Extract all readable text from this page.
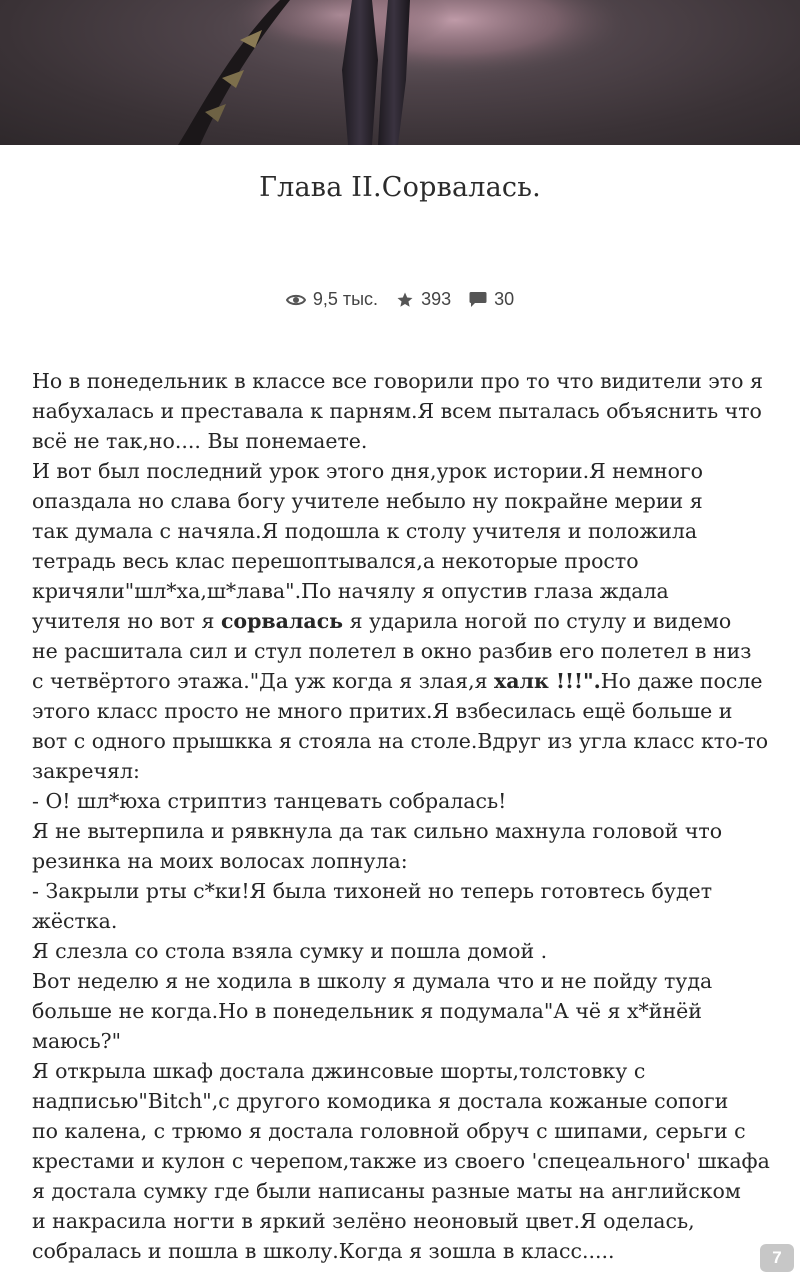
Глава II.Сорвалась.
9,5 тыс. 393 30
Но в понедельник в классе все говорили про то что видители это я
набухалась и преставала к парням.Я всем пыталась объяснить что
всё не так,но.... Вы понемаете.
И вот был последний урок этого дня,урок истории.Я немного
опаздала но слава богу учителе небыло ну покрайне мерии я
так думала с начяла.Я подошла к столу учителя и положила
тетрадь весь клас перешоптывался,а некоторые просто
кричяли"шл*ха,ш*лава".По начялу я опустив глаза ждала
учителя но вот я сорвалась я ударила ногой по стулу и видемо
не расшитала сил и стул полетел в окно разбив его полетел в низ
с четвёртого этажа."Да уж когда я злая,я халк !!!".Но даже после
этого класс просто не много притих.Я взбесилась ещё больше и
вот с одного прышкка я стояла на столе.Вдруг из угла класс кто-то
закречял:
- О! шл*юха стриптиз танцевать собралась!
Я не вытерпила и рявкнула да так сильно махнула головой что
резинка на моих волосах лопнула:
- Закрыли рты с*ки!Я была тихоней но теперь готовтесь будет
жёстка.
Я слезла со стола взяла сумку и пошла домой .
Вот неделю я не ходила в школу я думала что и не пойду туда
больше не когда.Но в понедельник я подумала"А чё я х*йнёй
маюсь?"
Я открыла шкаф достала джинсовые шорты,толстовку с
надписью"Bitch",с другого комодика я достала кожаные сопоги
по калена, с трюмо я достала головной обруч с шипами, серьги с
крестами и кулон с черепом,также из своего 'спецеального' шкафа
я достала сумку где были написаны разные маты на английском
и накрасила ногти в яркий зелёно неоновый цвет.Я оделась,
собралась и пошла в школу.Когда я зошла в класс.....	7
